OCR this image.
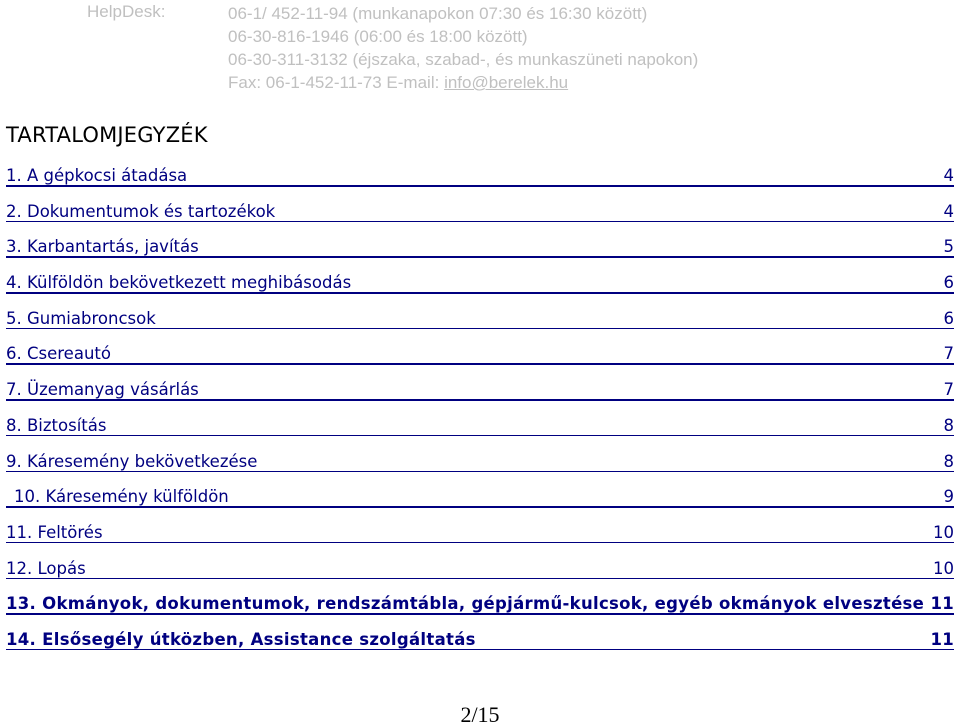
HelpDesk:	06-1/ 452-11-94 (munkanapokon 07:30 és 16:30 között)
06-30-816-1946 (06:00 és 18:00 között)
06-30-311-3132 (éjszaka, szabad-, és munkaszüneti napokon)
Fax: 06-1-452-11-73 E-mail: info@berelek.hu
TARTALOMJEGYZÉK
1. A gépkocsi átadása	4
2. Dokumentumok és tartozékok	4
3. Karbantartás, javítás	5
4. Külföldön bekövetkezett meghibásodás	6
5. Gumiabroncsok	6
6. Csereautó	7
7. Üzemanyag vásárlás	7
8. Biztosítás	8
9. Káresemény bekövetkezése	8
10. Káresemény külföldön	9
11. Feltörés	10
12. Lopás	10
13. Okmányok, dokumentumok, rendszámtábla, gépjármű-kulcsok, egyéb okmányok elvesztése 11
14. Elsősegély útközben, Assistance szolgáltatás	11
2/15
